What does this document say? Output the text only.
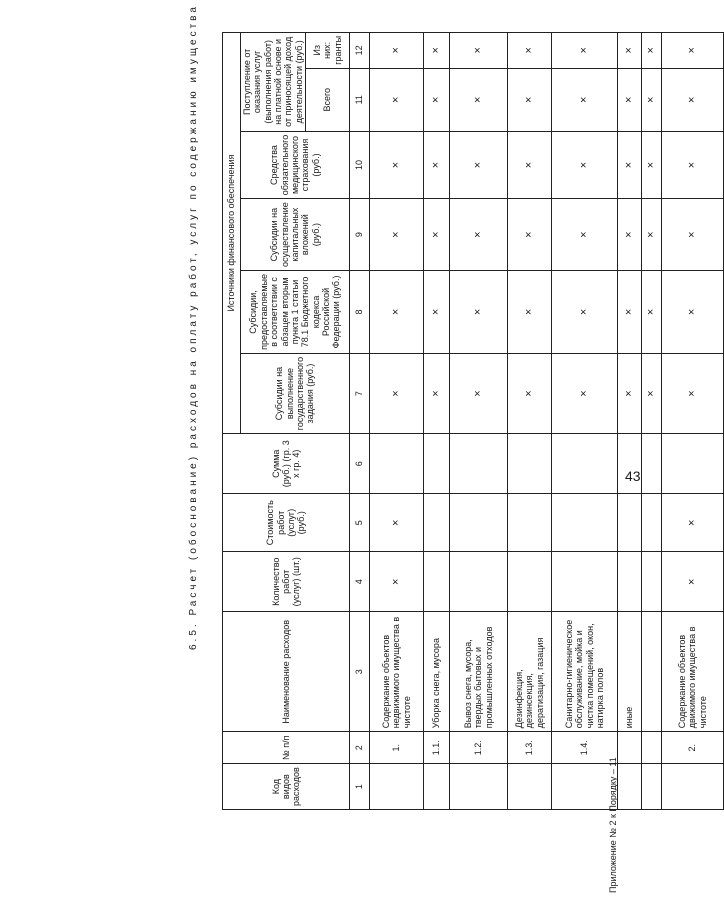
43
6.5. Расчет (обоснование) расходов на оплату работ, услуг по содержанию имущества
Код видов расходов	№ п/п	Наименование расходов	Количество работ (услуг) (шт.)	Стоимость работ (услуг) (руб.)	Сумма (руб.) (гр. 3 x гр. 4)	Источники финансового обеспечения					
						Субсидии на выполнение государственного задания (руб.)	Субсидии, предоставляемые в соответствии с абзацем вторым пункта 1 статьи 78.1 Бюджетного кодекса Российской Федерации (руб.)	Субсидии на осуществление капитальных вложений (руб.)	Средства обязательного медицинского страхования (руб.)	Поступление от оказания услуг (выполнения работ) на платной основе и от приносящей доход деятельности (руб.)	
										Всего	Из них: гранты
1	2	3	4	5	6	7	8	9	10	11	12
	1.	Содержание объектов недвижимого имущества в чистоте	×	×		×	×	×	×	×	×
	1.1.	Уборка снега, мусора				×	×	×	×	×	×
	1.2.	Вывоз снега, мусора, твердых бытовых и промышленных отходов				×	×	×	×	×	×
	1.3.	Дезинфекция, дезинсекция, дератизация, газация				×	×	×	×	×	×
	1.4.	Санитарно-гигиеническое обслуживание, мойка и чистка помещений, окон, натирка полов				×	×	×	×	×	×
		иные				×	×	×	×	×	×
						×	×	×	×	×	×
	2.	Содержание объектов движимого имущества в чистоте	×	×		×	×	×	×	×	×
Приложение № 2 к Порядку – 11
